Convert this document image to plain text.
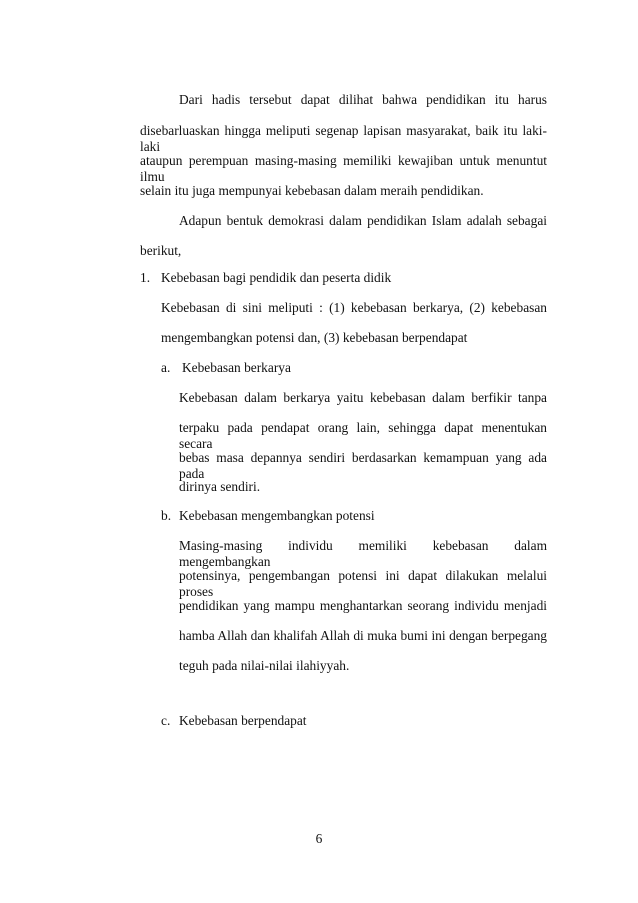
Dari hadis tersebut dapat dilihat bahwa pendidikan itu harus
disebarluaskan hingga meliputi segenap lapisan masyarakat, baik itu laki-laki
ataupun perempuan masing-masing memiliki kewajiban untuk menuntut ilmu
selain itu juga mempunyai kebebasan dalam meraih pendidikan.
Adapun bentuk demokrasi dalam pendidikan Islam adalah sebagai
berikut,
1. Kebebasan bagi pendidik dan peserta didik
Kebebasan di sini meliputi : (1) kebebasan berkarya, (2) kebebasan
mengembangkan potensi dan, (3) kebebasan berpendapat
a. Kebebasan berkarya
Kebebasan dalam berkarya yaitu kebebasan dalam berfikir tanpa
terpaku pada pendapat orang lain, sehingga dapat menentukan secara
bebas masa depannya sendiri berdasarkan kemampuan yang ada pada
dirinya sendiri.
b. Kebebasan mengembangkan potensi
Masing-masing individu memiliki kebebasan dalam mengembangkan
potensinya, pengembangan potensi ini dapat dilakukan melalui proses
pendidikan yang mampu menghantarkan seorang individu menjadi
hamba Allah dan khalifah Allah di muka bumi ini dengan berpegang
teguh pada nilai-nilai ilahiyyah.
c. Kebebasan berpendapat
6
